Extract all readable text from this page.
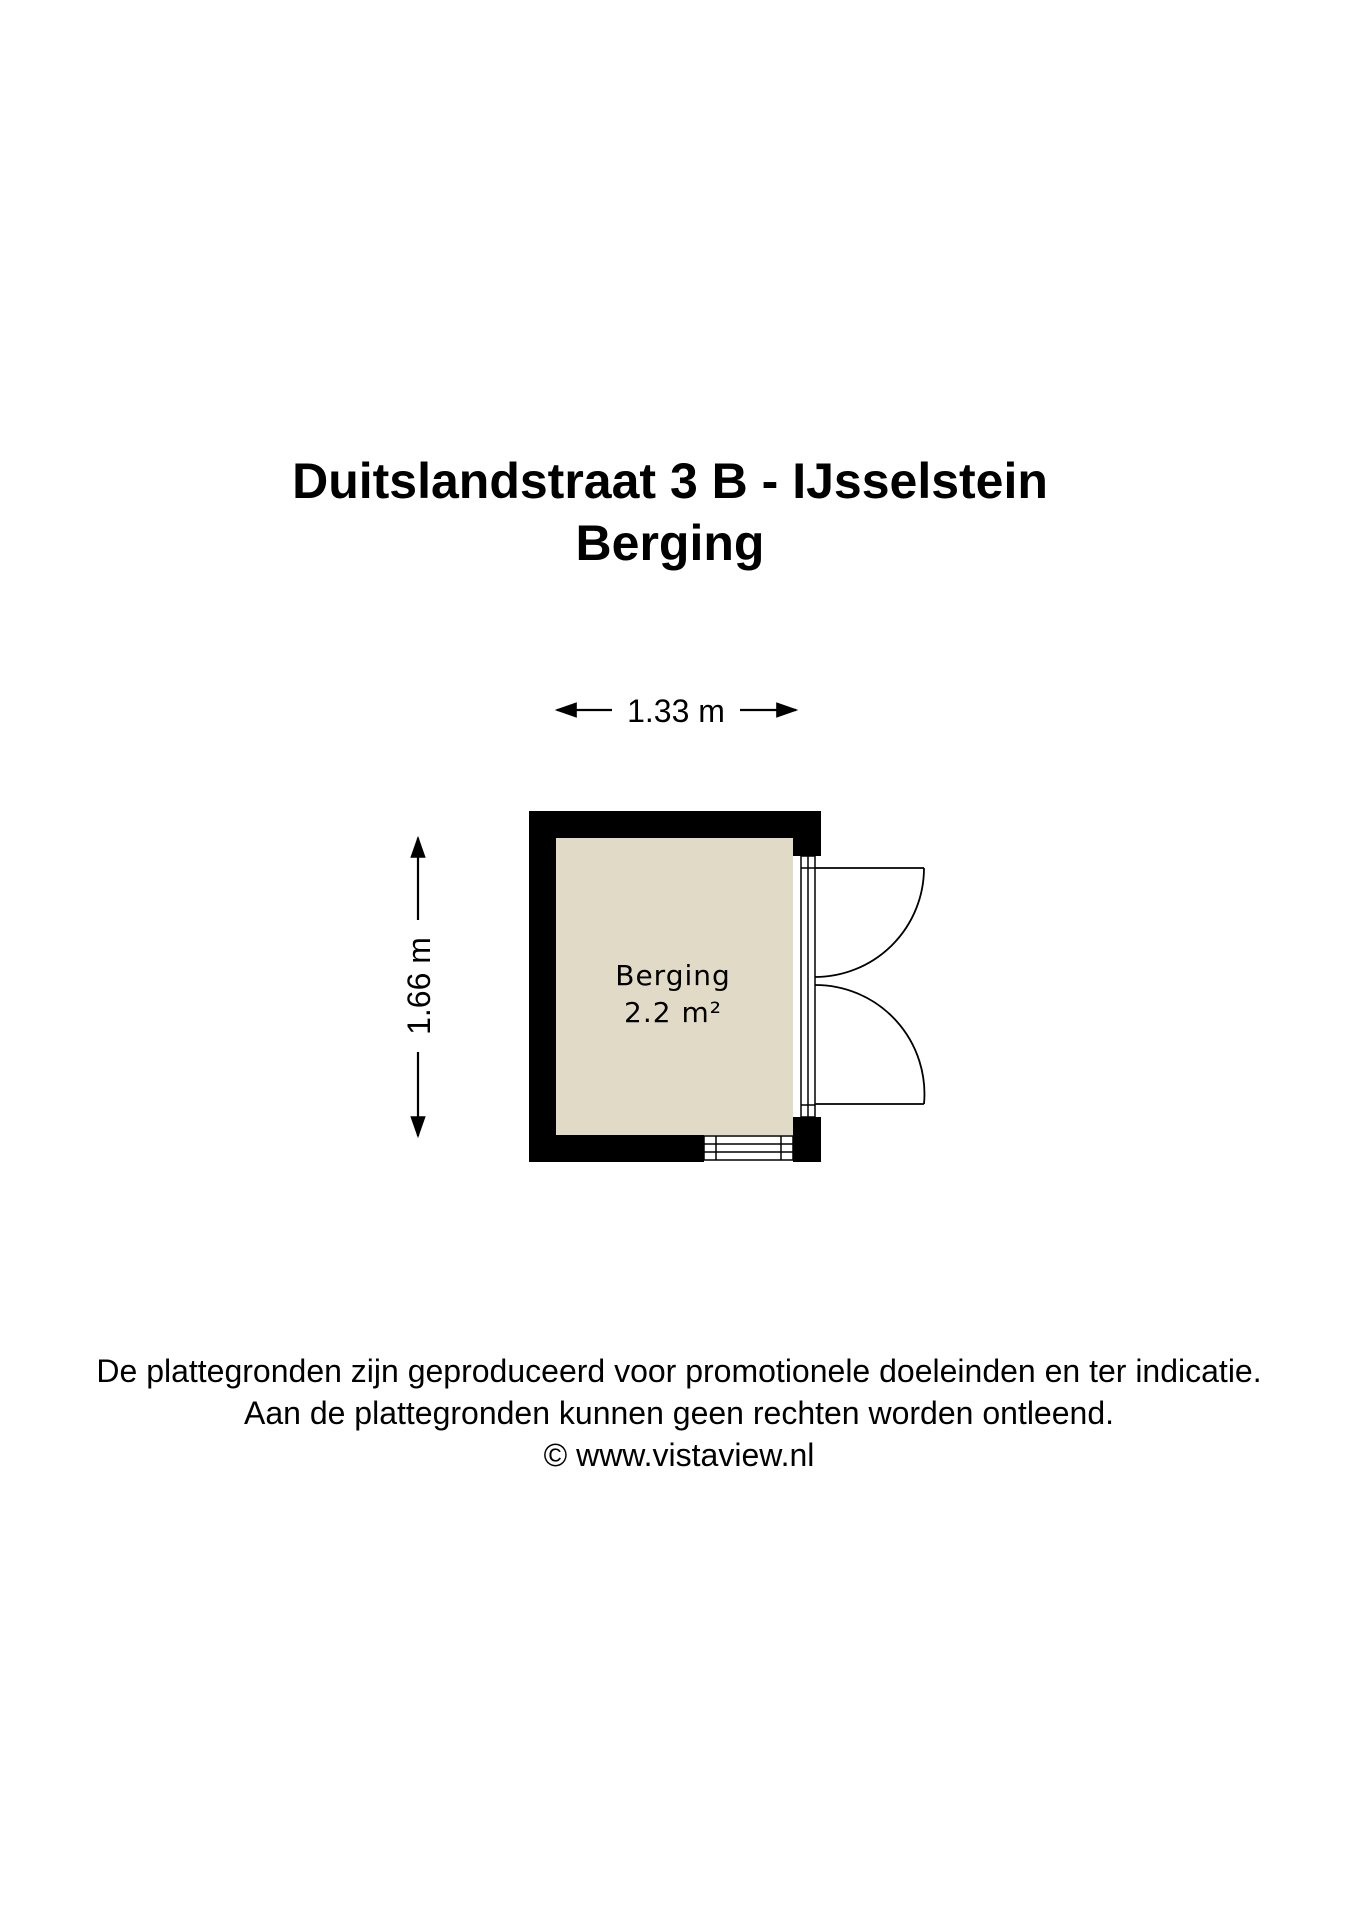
Duitslandstraat 3 B - IJsselstein
Berging
1.33 m
1.66 m	Berging
2.2 m²
De plattegronden zijn geproduceerd voor promotionele doeleinden en ter indicatie.
Aan de plattegronden kunnen geen rechten worden ontleend.
© www.vistaview.nl
